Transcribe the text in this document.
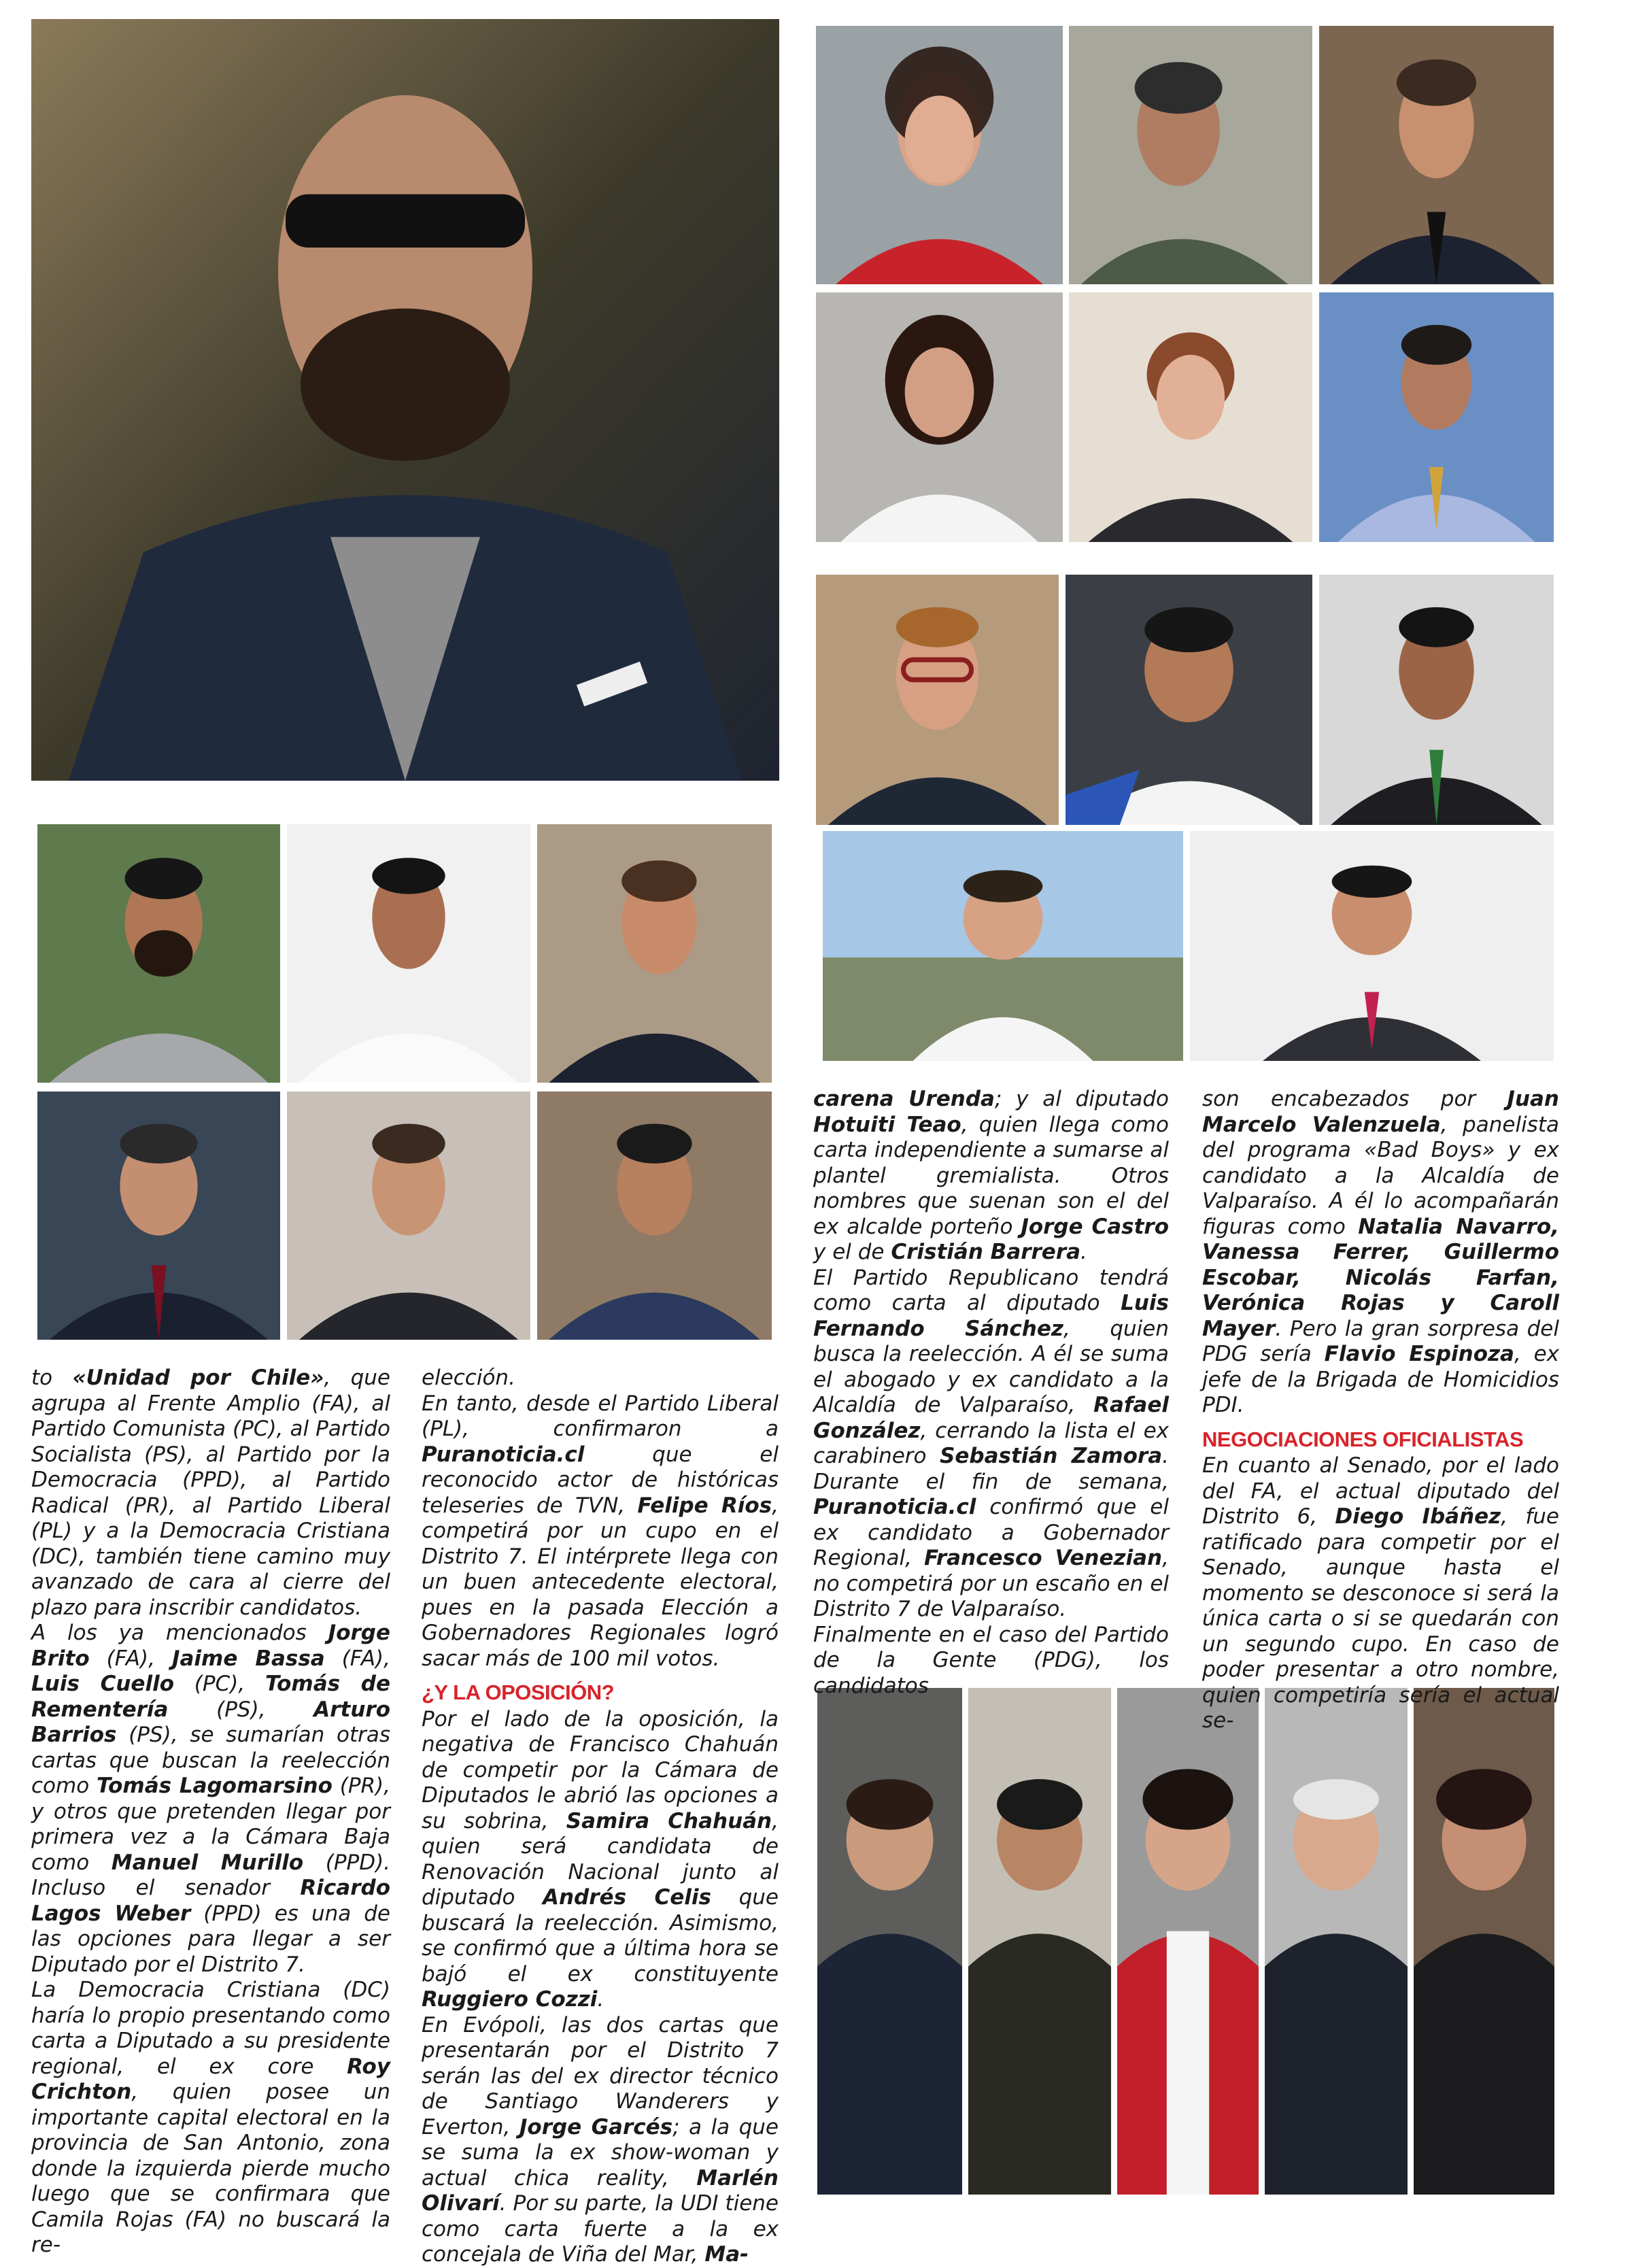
to «Unidad por Chile», que agrupa al Frente Amplio (FA), al Partido Comunista (PC), al Partido Socialista (PS), al Partido por la Democracia (PPD), al Partido Radical (PR), al Partido Liberal (PL) y a la Democracia Cristiana (DC), también tiene camino muy avanzado de cara al cierre del plazo para inscribir candidatos.

A los ya mencionados Jorge Brito (FA), Jaime Bassa (FA), Luis Cuello (PC), Tomás de Rementería (PS), Arturo Barrios (PS), se sumarían otras cartas que buscan la reelección como Tomás Lagomarsino (PR), y otros que pretenden llegar por primera vez a la Cámara Baja como Manuel Murillo (PPD). Incluso el senador Ricardo Lagos Weber (PPD) es una de las opciones para llegar a ser Diputado por el Distrito 7.

La Democracia Cristiana (DC) haría lo propio presentando como carta a Diputado a su presidente regional, el ex core Roy Crichton, quien posee un importante capital electoral en la provincia de San Antonio, zona donde la izquierda pierde mucho luego que se confirmara que Camila Rojas (FA) no buscará la re-

elección.

En tanto, desde el Partido Liberal (PL), confirmaron a Puranoticia.cl que el reconocido actor de históricas teleseries de TVN, Felipe Ríos, competirá por un cupo en el Distrito 7. El intérprete llega con un buen antecedente electoral, pues en la pasada Elección a Gobernadores Regionales logró sacar más de 100 mil votos.

¿Y LA OPOSICIÓN?

Por el lado de la oposición, la negativa de Francisco Chahuán de competir por la Cámara de Diputados le abrió las opciones a su sobrina, Samira Chahuán, quien será candidata de Renovación Nacional junto al diputado Andrés Celis que buscará la reelección. Asimismo, se confirmó que a última hora se bajó el ex constituyente Ruggiero Cozzi.

En Evópoli, las dos cartas que presentarán por el Distrito 7 serán las del ex director técnico de Santiago Wanderers y Everton, Jorge Garcés; a la que se suma la ex show-woman y actual chica reality, Marlén Olivarí. Por su parte, la UDI tiene como carta fuerte a la ex concejala de Viña del Mar, Ma-

carena Urenda; y al diputado Hotuiti Teao, quien llega como carta independiente a sumarse al plantel gremialista. Otros nombres que suenan son el del ex alcalde porteño Jorge Castro y el de Cristián Barrera.

El Partido Republicano tendrá como carta al diputado Luis Fernando Sánchez, quien busca la reelección. A él se suma el abogado y ex candidato a la Alcaldía de Valparaíso, Rafael González, cerrando la lista el ex carabinero Sebastián Zamora. Durante el fin de semana, Puranoticia.cl confirmó que el ex candidato a Gobernador Regional, Francesco Venezian, no competirá por un escaño en el Distrito 7 de Valparaíso.

Finalmente en el caso del Partido de la Gente (PDG), los candidatos

son encabezados por Juan Marcelo Valenzuela, panelista del programa «Bad Boys» y ex candidato a la Alcaldía de Valparaíso. A él lo acompañarán figuras como Natalia Navarro, Vanessa Ferrer, Guillermo Escobar, Nicolás Farfan, Verónica Rojas y Caroll Mayer. Pero la gran sorpresa del PDG sería Flavio Espinoza, ex jefe de la Brigada de Homicidios PDI.

NEGOCIACIONES OFICIALISTAS

En cuanto al Senado, por el lado del FA, el actual diputado del Distrito 6, Diego Ibáñez, fue ratificado para competir por el Senado, aunque hasta el momento se desconoce si será la única carta o si se quedarán con un segundo cupo. En caso de poder presentar a otro nombre, quien competiría sería el actual se-
